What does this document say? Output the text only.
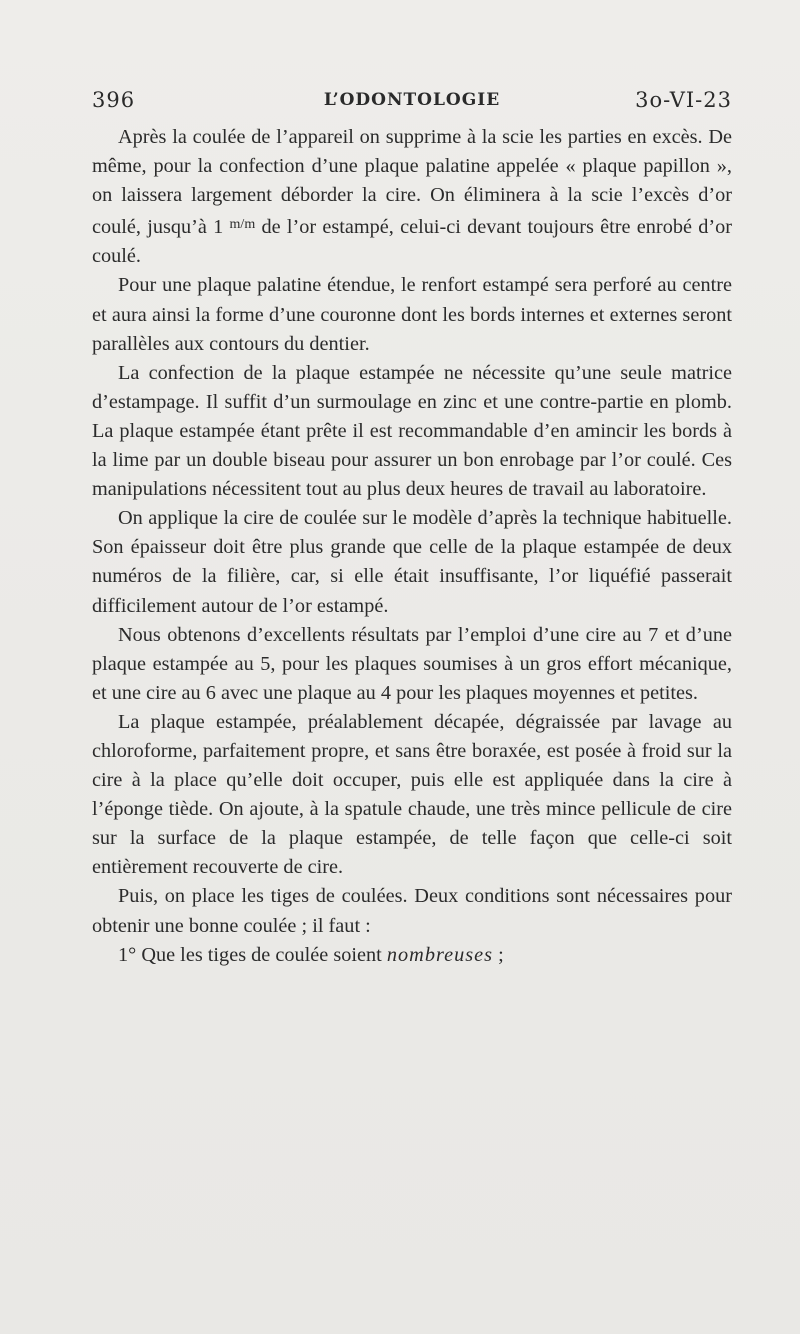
396	L’ODONTOLOGIE	3o-VI-23

Après la coulée de l’appareil on supprime à la scie les parties en excès. De même, pour la confection d’une plaque palatine appelée « plaque papillon », on laissera largement déborder la cire. On éliminera à la scie l’excès d’or coulé, jusqu’à 1 $^{m/m}$ de l’or estampé, celui-ci devant toujours être enrobé d’or coulé.

Pour une plaque palatine étendue, le renfort estampé sera perforé au centre et aura ainsi la forme d’une couronne dont les bords internes et externes seront parallèles aux contours du dentier.

La confection de la plaque estampée ne nécessite qu’une seule matrice d’estampage. Il suffit d’un surmoulage en zinc et une contre-partie en plomb. La plaque estampée étant prête il est recommandable d’en amincir les bords à la lime par un double biseau pour assurer un bon enrobage par l’or coulé. Ces manipulations nécessitent tout au plus deux heures de travail au laboratoire.

On applique la cire de coulée sur le modèle d’après la technique habituelle. Son épaisseur doit être plus grande que celle de la plaque estampée de deux numéros de la filière, car, si elle était insuffisante, l’or liquéfié passerait difficilement autour de l’or estampé.

Nous obtenons d’excellents résultats par l’emploi d’une cire au 7 et d’une plaque estampée au 5, pour les plaques soumises à un gros effort mécanique, et une cire au 6 avec une plaque au 4 pour les plaques moyennes et petites.

La plaque estampée, préalablement décapée, dégraissée par lavage au chloroforme, parfaitement propre, et sans être boraxée, est posée à froid sur la cire à la place qu’elle doit occuper, puis elle est appliquée dans la cire à l’éponge tiède. On ajoute, à la spatule chaude, une très mince pellicule de cire sur la surface de la plaque estampée, de telle façon que celle-ci soit entièrement recouverte de cire.

Puis, on place les tiges de coulées. Deux conditions sont nécessaires pour obtenir une bonne coulée ; il faut :

1° Que les tiges de coulée soient nombreuses ;
